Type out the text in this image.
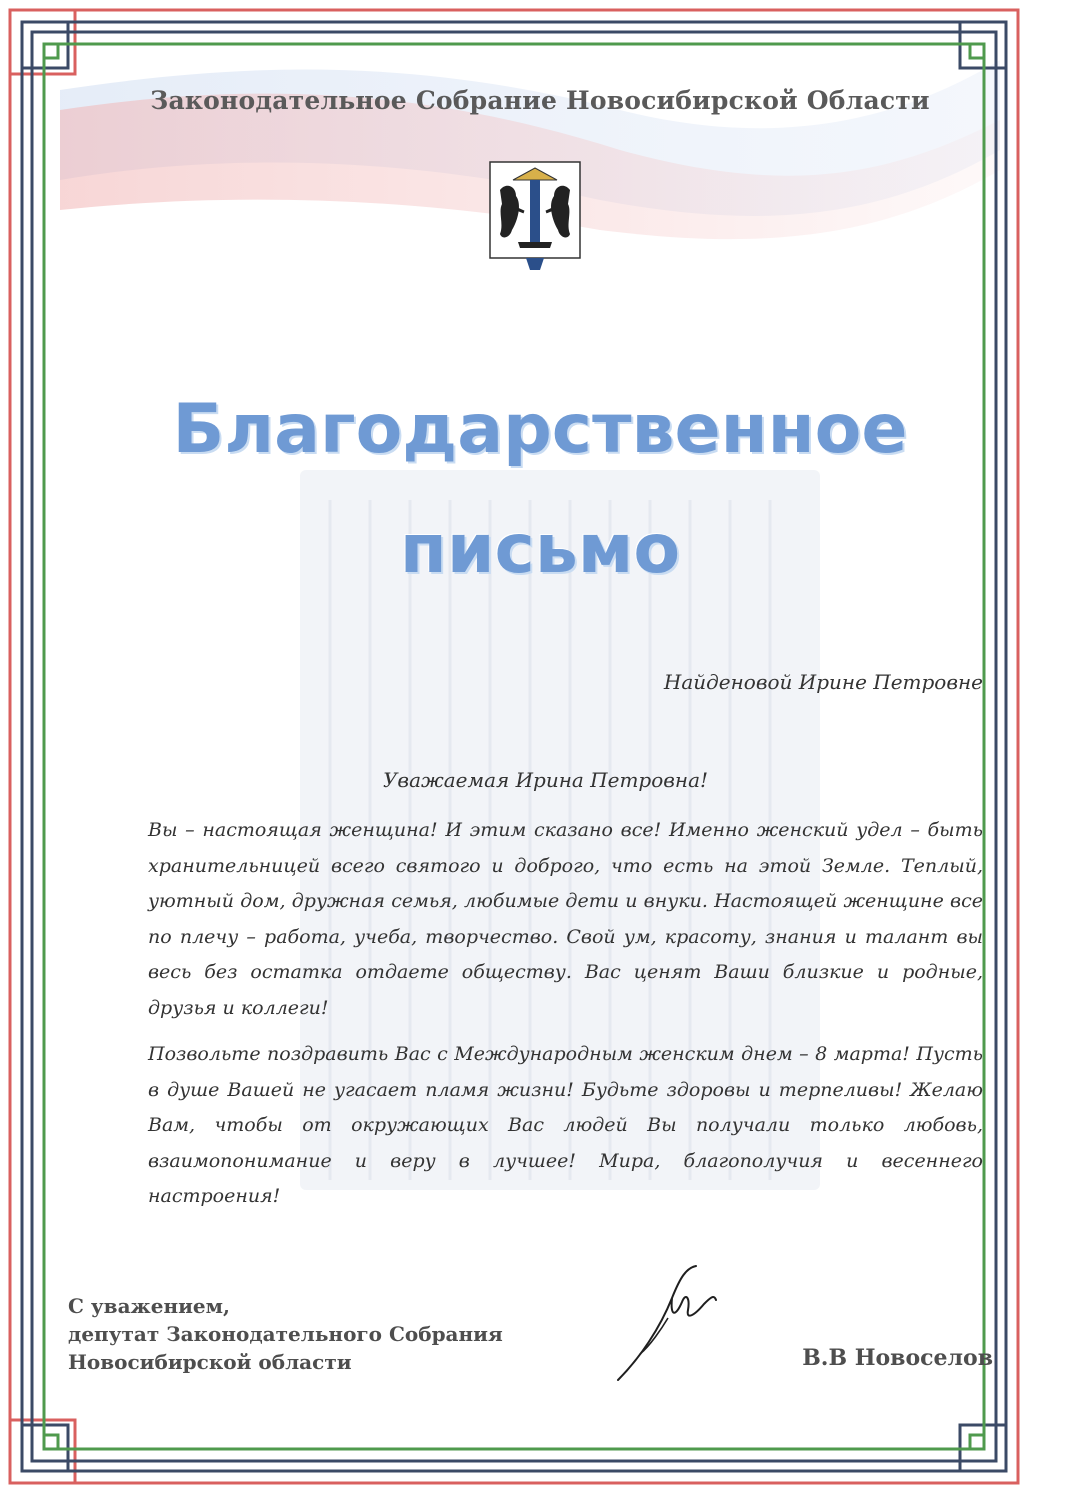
Законодательное Собрание Новосибирской Области
Благодарственное
письмо
Найденовой Ирине Петровне
Уважаемая Ирина Петровна!
Вы – настоящая женщина! И этим сказано все! Именно женский удел – быть хранительницей всего святого и доброго, что есть на этой Земле. Теплый, уютный дом, дружная семья, любимые дети и внуки. Настоящей женщине все по плечу – работа, учеба, творчество. Свой ум, красоту, знания и талант вы весь без остатка отдаете обществу. Вас ценят Ваши близкие и родные, друзья и коллеги!
Позвольте поздравить Вас с Международным женским днем – 8 марта! Пусть в душе Вашей не угасает пламя жизни! Будьте здоровы и терпеливы! Желаю Вам, чтобы от окружающих Вас людей Вы получали только любовь, взаимопонимание и веру в лучшее! Мира, благополучия и весеннего настроения!
С уважением,
депутат Законодательного Собрания
Новосибирской области	В.В Новоселов
